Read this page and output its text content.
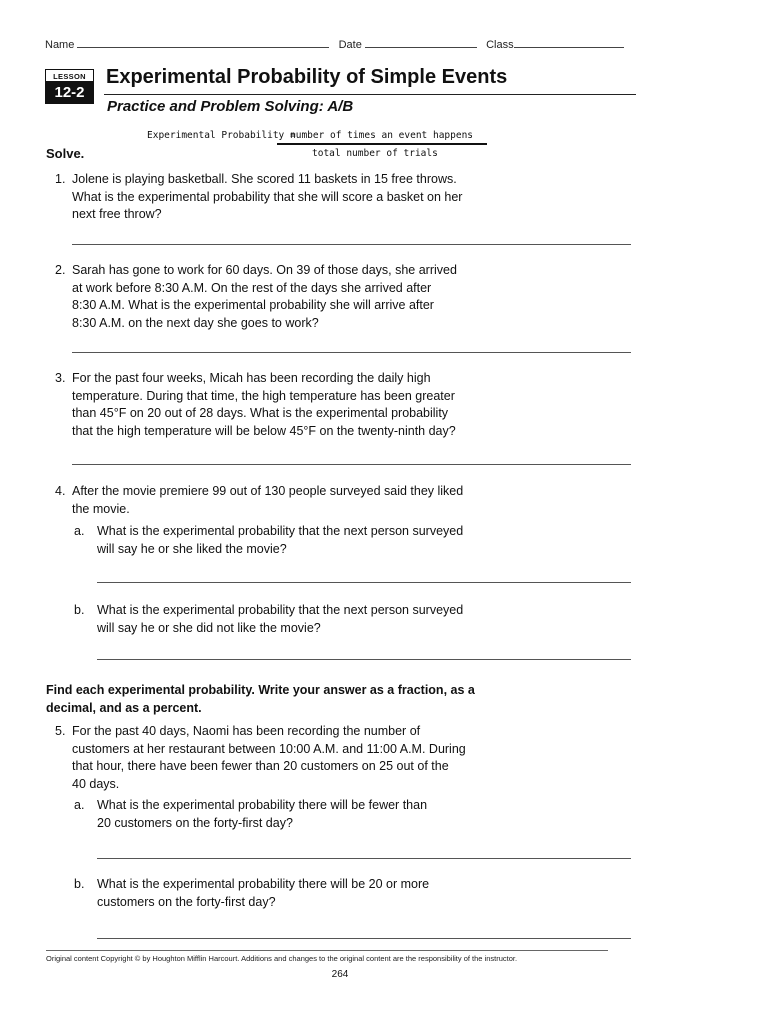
Name	Date	Class
LESSON
12-2
Experimental Probability of Simple Events
Practice and Problem Solving: A/B
Experimental Probability =
number of times an event happens
total number of trials
Solve.
1. Jolene is playing basketball. She scored 11 baskets in 15 free throws.
What is the experimental probability that she will score a basket on her
next free throw?
2. Sarah has gone to work for 60 days. On 39 of those days, she arrived
at work before 8:30 A.M. On the rest of the days she arrived after
8:30 A.M. What is the experimental probability she will arrive after
8:30 A.M. on the next day she goes to work?
3. For the past four weeks, Micah has been recording the daily high
temperature. During that time, the high temperature has been greater
than 45°F on 20 out of 28 days. What is the experimental probability
that the high temperature will be below 45°F on the twenty-ninth day?
4. After the movie premiere 99 out of 130 people surveyed said they liked
the movie.
a. What is the experimental probability that the next person surveyed
will say he or she liked the movie?
b. What is the experimental probability that the next person surveyed
will say he or she did not like the movie?
Find each experimental probability. Write your answer as a fraction, as a decimal, and as a percent.
5. For the past 40 days, Naomi has been recording the number of
customers at her restaurant between 10:00 A.M. and 11:00 A.M. During
that hour, there have been fewer than 20 customers on 25 out of the
40 days.
a. What is the experimental probability there will be fewer than
20 customers on the forty-first day?
b. What is the experimental probability there will be 20 or more
customers on the forty-first day?
Original content Copyright © by Houghton Mifflin Harcourt. Additions and changes to the original content are the responsibility of the instructor.
264
